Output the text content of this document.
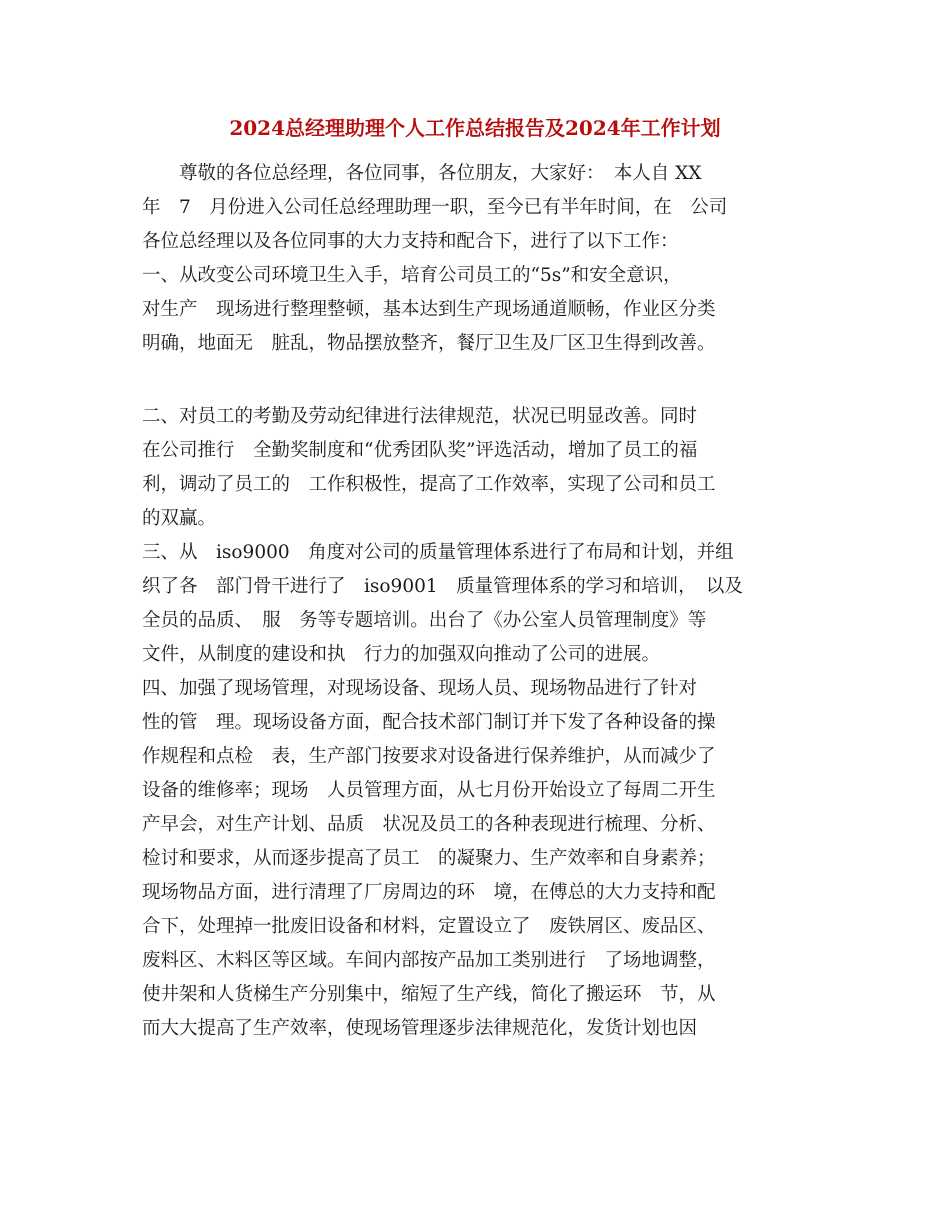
2024总经理助理个人工作总结报告及2024年工作计划
　　尊敬的各位总经理，各位同事，各位朋友，大家好：　本人自 XX
年　7　月份进入公司任总经理助理一职，至今已有半年时间，在　公司
各位总经理以及各位同事的大力支持和配合下，进行了以下工作：
一、从改变公司环境卫生入手，培育公司员工的“5s”和安全意识，
对生产　现场进行整理整顿，基本达到生产现场通道顺畅，作业区分类
明确，地面无　脏乱，物品摆放整齐，餐厅卫生及厂区卫生得到改善。
二、对员工的考勤及劳动纪律进行法律规范，状况已明显改善。同时
在公司推行　全勤奖制度和“优秀团队奖”评选活动，增加了员工的福
利，调动了员工的　工作积极性，提高了工作效率，实现了公司和员工
的双赢。
三、从　iso9000　角度对公司的质量管理体系进行了布局和计划，并组
织了各　部门骨干进行了　iso9001　质量管理体系的学习和培训，　以及
全员的品质、　服　务等专题培训。出台了《办公室人员管理制度》等
文件，从制度的建设和执　行力的加强双向推动了公司的进展。
四、加强了现场管理，对现场设备、现场人员、现场物品进行了针对
性的管　理。现场设备方面，配合技术部门制订并下发了各种设备的操
作规程和点检　表，生产部门按要求对设备进行保养维护，从而减少了
设备的维修率；现场　人员管理方面，从七月份开始设立了每周二开生
产早会，对生产计划、品质　状况及员工的各种表现进行梳理、分析、
检讨和要求，从而逐步提高了员工　的凝聚力、生产效率和自身素养；
现场物品方面，进行清理了厂房周边的环　境，在傅总的大力支持和配
合下，处理掉一批废旧设备和材料，定置设立了　废铁屑区、废品区、
废料区、木料区等区域。车间内部按产品加工类别进行　了场地调整，
使井架和人货梯生产分别集中，缩短了生产线，简化了搬运环　节，从
而大大提高了生产效率，使现场管理逐步法律规范化，发货计划也因
